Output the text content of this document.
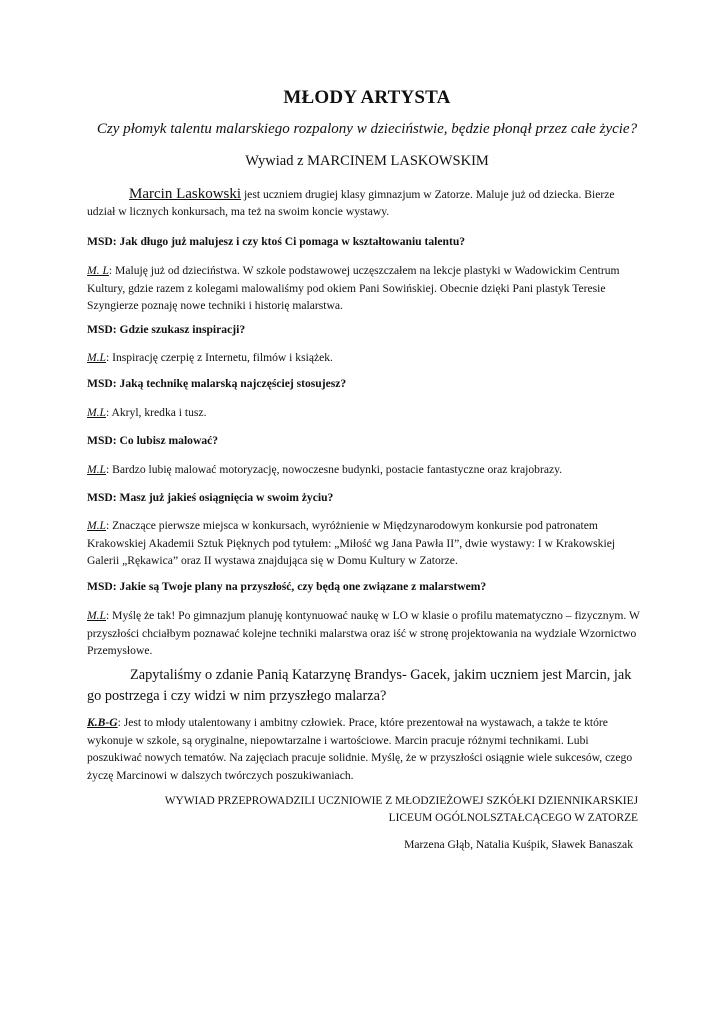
MŁODY ARTYSTA
Czy płomyk talentu malarskiego rozpalony w dzieciństwie, będzie płonął przez całe życie?
Wywiad z MARCINEM LASKOWSKIM
Marcin Laskowski jest uczniem drugiej klasy gimnazjum w Zatorze. Maluje już od dziecka. Bierze udział w licznych konkursach, ma też na swoim koncie wystawy.
MSD: Jak długo już malujesz i czy ktoś Ci pomaga w kształtowaniu talentu?
M. L: Maluję już od dzieciństwa. W szkole podstawowej uczęszczałem na lekcje plastyki w Wadowickim Centrum Kultury, gdzie razem z kolegami malowaliśmy pod okiem Pani Sowińskiej. Obecnie dzięki Pani plastyk Teresie Szyngierze poznaję nowe techniki i historię malarstwa.
MSD: Gdzie szukasz inspiracji?
M.L: Inspirację czerpię z Internetu, filmów i książek.
MSD: Jaką technikę malarską najczęściej stosujesz?
M.L: Akryl, kredka i tusz.
MSD: Co lubisz malować?
M.L: Bardzo lubię malować motoryzację, nowoczesne budynki, postacie fantastyczne oraz krajobrazy.
MSD: Masz już jakieś osiągnięcia w swoim życiu?
M.L: Znaczące pierwsze miejsca w konkursach, wyróżnienie w Międzynarodowym konkursie pod patronatem Krakowskiej Akademii Sztuk Pięknych pod tytułem: „Miłość wg Jana Pawła II”, dwie wystawy: I w Krakowskiej Galerii „Rękawica” oraz II wystawa znajdująca się w Domu Kultury w Zatorze.
MSD: Jakie są Twoje plany na przyszłość, czy będą one związane z malarstwem?
M.L: Myślę że tak! Po gimnazjum planuję kontynuować naukę w LO w klasie o profilu matematyczno – fizycznym. W przyszłości chciałbym poznawać kolejne techniki malarstwa oraz iść w stronę projektowania na wydziale Wzornictwo Przemysłowe.
Zapytaliśmy o zdanie Panią Katarzynę Brandys- Gacek, jakim uczniem jest Marcin, jak go postrzega i czy widzi w nim przyszłego malarza?
K.B-G: Jest to młody utalentowany i ambitny człowiek. Prace, które prezentował na wystawach, a także te które wykonuje w szkole, są oryginalne, niepowtarzalne i wartościowe. Marcin pracuje różnymi technikami. Lubi poszukiwać nowych tematów. Na zajęciach pracuje solidnie. Myślę, że w przyszłości osiągnie wiele sukcesów, czego życzę Marcinowi w dalszych twórczych poszukiwaniach.
WYWIAD PRZEPROWADZILI UCZNIOWIE Z MŁODZIEŻOWEJ SZKÓŁKI DZIENNIKARSKIEJ
LICEUM OGÓLNOLSZTAŁCĄCEGO W ZATORZE
Marzena Głąb, Natalia Kuśpik, Sławek Banaszak
